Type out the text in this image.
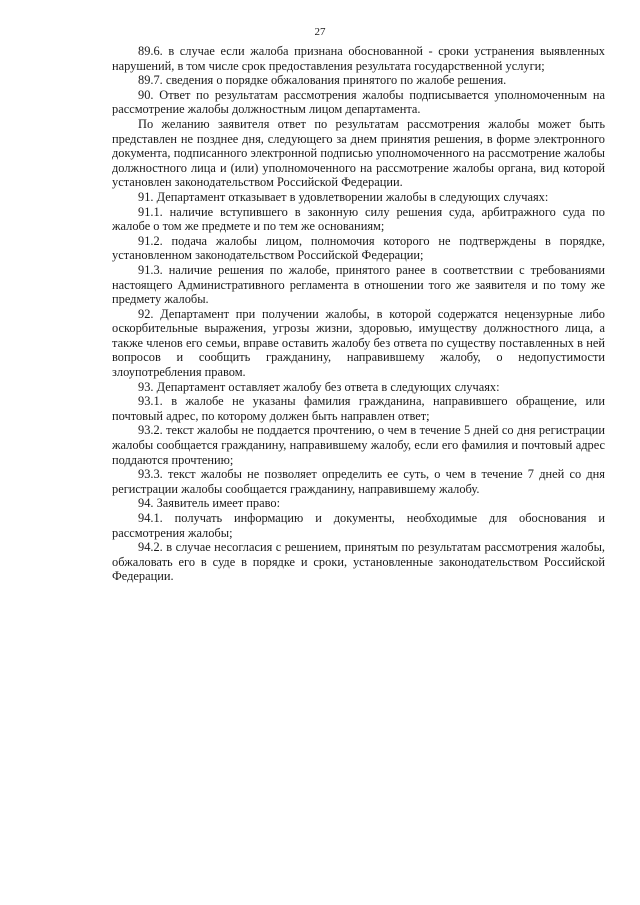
27

89.6. в случае если жалоба признана обоснованной - сроки устранения выявленных нарушений, в том числе срок предоставления результата государственной услуги;

89.7. сведения о порядке обжалования принятого по жалобе решения.

90. Ответ по результатам рассмотрения жалобы подписывается уполномоченным на рассмотрение жалобы должностным лицом департамента.

По желанию заявителя ответ по результатам рассмотрения жалобы может быть представлен не позднее дня, следующего за днем принятия решения, в форме электронного документа, подписанного электронной подписью уполномоченного на рассмотрение жалобы должностного лица и (или) уполномоченного на рассмотрение жалобы органа, вид которой установлен законодательством Российской Федерации.

91. Департамент отказывает в удовлетворении жалобы в следующих случаях:

91.1. наличие вступившего в законную силу решения суда, арбитражного суда по жалобе о том же предмете и по тем же основаниям;

91.2. подача жалобы лицом, полномочия которого не подтверждены в порядке, установленном законодательством Российской Федерации;

91.3. наличие решения по жалобе, принятого ранее в соответствии с требованиями настоящего Административного регламента в отношении того же заявителя и по тому же предмету жалобы.

92. Департамент при получении жалобы, в которой содержатся нецензурные либо оскорбительные выражения, угрозы жизни, здоровью, имуществу должностного лица, а также членов его семьи, вправе оставить жалобу без ответа по существу поставленных в ней вопросов и сообщить гражданину, направившему жалобу, о недопустимости злоупотребления правом.

93. Департамент оставляет жалобу без ответа в следующих случаях:

93.1. в жалобе не указаны фамилия гражданина, направившего обращение, или почтовый адрес, по которому должен быть направлен ответ;

93.2. текст жалобы не поддается прочтению, о чем в течение 5 дней со дня регистрации жалобы сообщается гражданину, направившему жалобу, если его фамилия и почтовый адрес поддаются прочтению;

93.3. текст жалобы не позволяет определить ее суть, о чем в течение 7 дней со дня регистрации жалобы сообщается гражданину, направившему жалобу.

94. Заявитель имеет право:

94.1. получать информацию и документы, необходимые для обоснования и рассмотрения жалобы;

94.2. в случае несогласия с решением, принятым по результатам рассмотрения жалобы, обжаловать его в суде в порядке и сроки, установленные законодательством Российской Федерации.
